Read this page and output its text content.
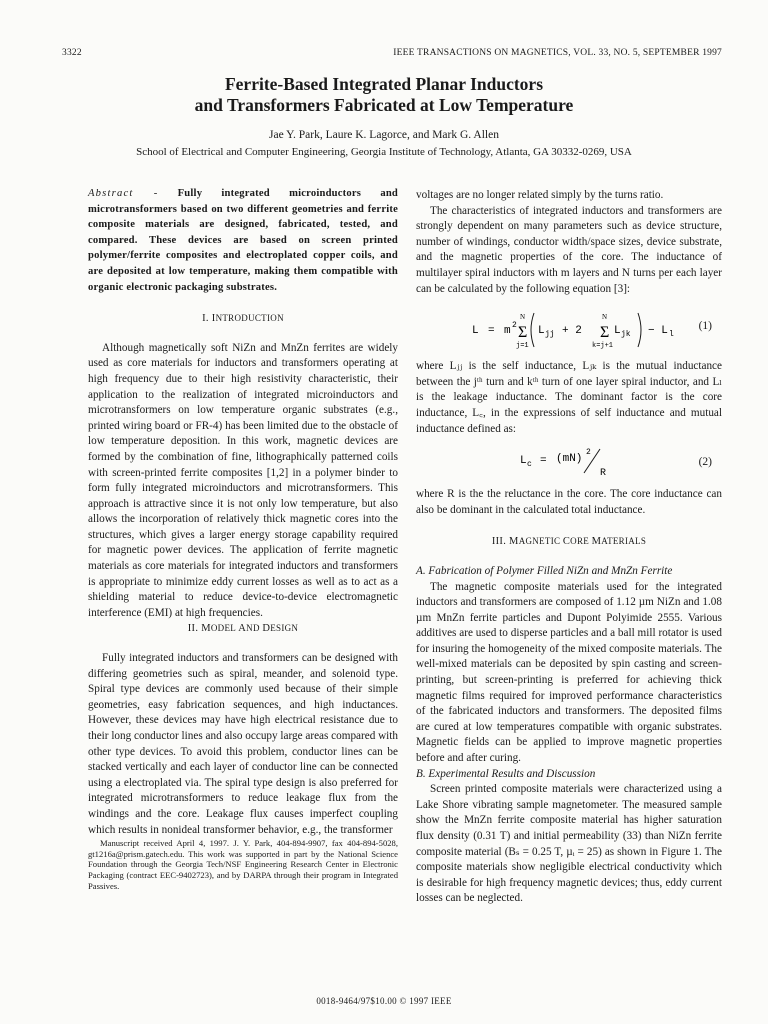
3322	IEEE TRANSACTIONS ON MAGNETICS, VOL. 33, NO. 5, SEPTEMBER 1997
Ferrite-Based Integrated Planar Inductors
and Transformers Fabricated at Low Temperature
Jae Y. Park, Laure K. Lagorce, and Mark G. Allen
School of Electrical and Computer Engineering, Georgia Institute of Technology, Atlanta, GA 30332-0269, USA

Abstract - Fully integrated microinductors and microtransformers based on two different geometries and ferrite composite materials are designed, fabricated, tested, and compared. These devices are based on screen printed polymer/ferrite composites and electroplated copper coils, and are deposited at low temperature, making them compatible with organic electronic packaging substrates.

I. INTRODUCTION

Although magnetically soft NiZn and MnZn ferrites are widely used as core materials for inductors and transformers operating at high frequency due to their high resistivity characteristic, their application to the realization of integrated microinductors and microtransformers on low temperature organic substrates (e.g., printed wiring board or FR-4) has been limited due to the obstacle of low temperature deposition. In this work, magnetic devices are formed by the combination of fine, lithographically patterned coils with screen-printed ferrite composites [1,2] in a polymer binder to form fully integrated microinductors and microtransformers. This approach is attractive since it is not only low temperature, but also allows the incorporation of relatively thick magnetic cores into the structures, which gives a larger energy storage capability required for magnetic power devices. The application of ferrite magnetic materials as core materials for integrated inductors and transformers is appropriate to minimize eddy current losses as well as to act as a shielding material to reduce device-to-device electromagnetic interference (EMI) at high frequencies.

II. MODEL AND DESIGN

Fully integrated inductors and transformers can be designed with differing geometries such as spiral, meander, and solenoid type. Spiral type devices are commonly used because of their simple geometries, easy fabrication sequences, and high inductances. However, these devices may have high electrical resistance due to their long conductor lines and also occupy large areas compared with other type devices. To avoid this problem, conductor lines can be stacked vertically and each layer of conductor line can be connected using a electroplated via. The spiral type design is also preferred for integrated microtransformers to reduce leakage flux from the windings and the core. Leakage flux causes imperfect coupling which results in nonideal transformer behavior, e.g., the transformer

Manuscript received April 4, 1997. J. Y. Park, 404-894-9907, fax 404-894-5028, gt1216a@prism.gatech.edu. This work was supported in part by the National Science Foundation through the Georgia Tech/NSF Engineering Research Center in Electronic Packaging (contract EEC-9402723), and by DARPA through their program in Integrated Passives.

voltages are no longer related simply by the turns ratio.

The characteristics of integrated inductors and transformers are strongly dependent on many parameters such as device structure, number of windings, conductor width/space sizes, device substrate, and the magnetic properties of the core. The inductance of multilayer spiral inductors with m layers and N turns per each layer can be calculated by the following equation [3]:

L = m 2
N
Σ
j=1
L jj + 2
N
Σ
k=j+1
L jk − L l
(1)

where Lⱼⱼ is the self inductance, Lⱼₖ is the mutual inductance between the jᵗʰ turn and kᵗʰ turn of one layer spiral inductor, and Lₗ is the leakage inductance. The dominant factor is the core inductance, L꜀, in the expressions of self inductance and mutual inductance defined as:

L c = (mN)
2
R
(2)

where R is the the reluctance in the core. The core inductance can also be dominant in the calculated total inductance.

III. MAGNETIC CORE MATERIALS

A. Fabrication of Polymer Filled NiZn and MnZn Ferrite

The magnetic composite materials used for the integrated inductors and transformers are composed of 1.12 µm NiZn and 1.08 µm MnZn ferrite particles and Dupont Polyimide 2555. Various additives are used to disperse particles and a ball mill rotator is used for insuring the homogeneity of the mixed composite materials. The well-mixed materials can be deposited by spin casting and screen-printing, but screen-printing is preferred for achieving thick magnetic films required for improved performance characteristics of the fabricated inductors and transformers. The deposited films are cured at low temperatures compatible with organic substrates. Magnetic fields can be applied to improve magnetic properties before and after curing.

B. Experimental Results and Discussion

Screen printed composite materials were characterized using a Lake Shore vibrating sample magnetometer. The measured sample show the MnZn ferrite composite material has higher saturation flux density (0.31 T) and initial permeability (33) than NiZn ferrite composite material (Bₛ = 0.25 T, µᵢ = 25) as shown in Figure 1. The composite materials show negligible electrical conductivity which is desirable for high frequency magnetic devices; thus, eddy current losses can be neglected.

0018-9464/97$10.00 © 1997 IEEE
